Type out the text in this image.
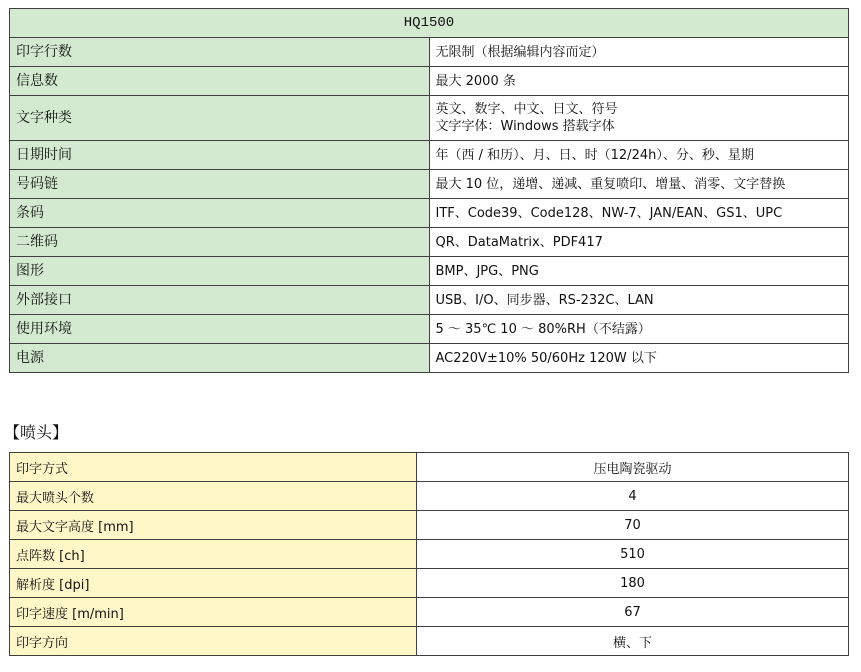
HQ1500	
印字行数	无限制（根据编辑内容而定）

信息数	最大 2000 条

文字种类	英文、数字、中文、日文、符号
文字字体：Windows 搭载字体

日期时间	年（西 / 和历）、月、日、时（12/24h）、分、秒、星期

号码链	最大 10 位，递增、递减、重复喷印、增量、消零、文字替换

条码	ITF、Code39、Code128、NW-7、JAN/EAN、GS1、UPC

二维码	QR、DataMatrix、PDF417

图形	BMP、JPG、PNG

外部接口	USB、I/O、同步器、RS-232C、LAN

使用环境	5 ～ 35℃ 10 ～ 80%RH（不结露）

电源	AC220V±10% 50/60Hz 120W 以下
【喷头】
印字方式	压电陶瓷驱动
最大喷头个数	4
最大文字高度 [mm]	70
点阵数 [ch]	510
解析度 [dpi]	180
印字速度 [m/min]	67
印字方向	横、下
